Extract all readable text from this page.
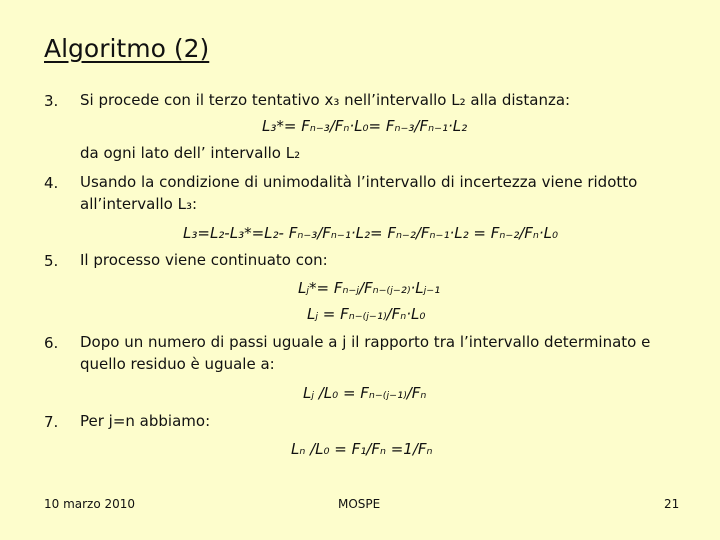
Algoritmo (2)
3. Si procede con il terzo tentativo x₃ nell’intervallo L₂ alla distanza:
L₃*= Fₙ₋₃/Fₙ·L₀= Fₙ₋₃/Fₙ₋₁·L₂
da ogni lato dell’ intervallo L₂
4. Usando la condizione di unimodalità l’intervallo di incertezza viene ridotto
all’intervallo L₃:
L₃=L₂-L₃*=L₂- Fₙ₋₃/Fₙ₋₁·L₂= Fₙ₋₂/Fₙ₋₁·L₂ = Fₙ₋₂/Fₙ·L₀
5. Il processo viene continuato con:
Lⱼ*= Fₙ₋ⱼ/Fₙ₋₍ⱼ₋₂₎·Lⱼ₋₁
Lⱼ = Fₙ₋₍ⱼ₋₁₎/Fₙ·L₀
6. Dopo un numero di passi uguale a j il rapporto tra l’intervallo determinato e
quello residuo è uguale a:
Lⱼ /L₀ = Fₙ₋₍ⱼ₋₁₎/Fₙ
7. Per j=n abbiamo:
Lₙ /L₀ = F₁/Fₙ =1/Fₙ
10 marzo 2010	MOSPE	21
